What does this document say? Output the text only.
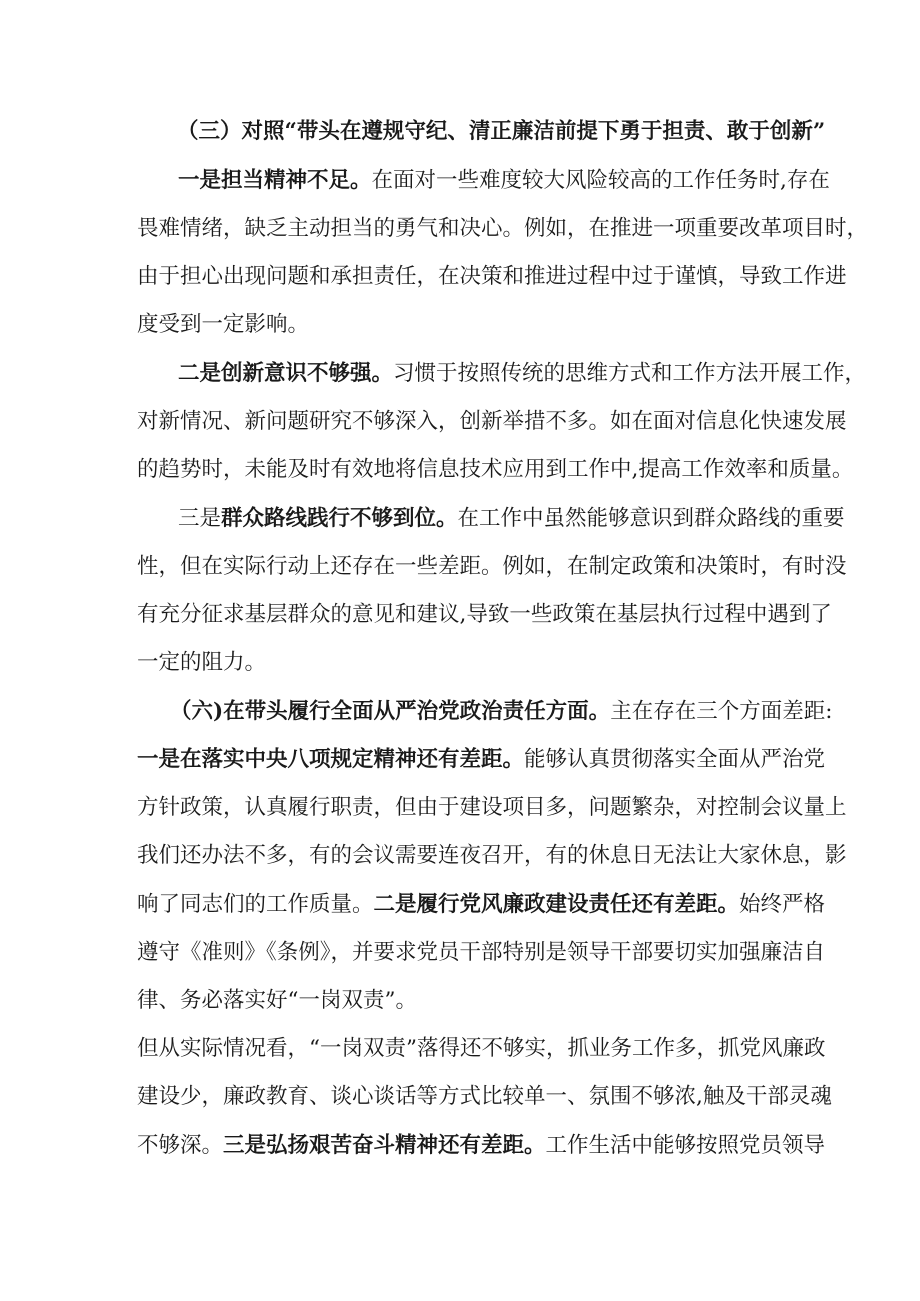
（三）对照“带头在遵规守纪、清正廉洁前提下勇于担责、敢于创新”
一是担当精神不足。在面对一些难度较大风险较高的工作任务时,存在
畏难情绪，缺乏主动担当的勇气和决心。例如，在推进一项重要改革项目时，
由于担心出现问题和承担责任，在决策和推进过程中过于谨慎，导致工作进
度受到一定影响。
二是创新意识不够强。习惯于按照传统的思维方式和工作方法开展工作，
对新情况、新问题研究不够深入，创新举措不多。如在面对信息化快速发展
的趋势时，未能及时有效地将信息技术应用到工作中,提高工作效率和质量。
三是群众路线践行不够到位。在工作中虽然能够意识到群众路线的重要
性，但在实际行动上还存在一些差距。例如，在制定政策和决策时，有时没
有充分征求基层群众的意见和建议,导致一些政策在基层执行过程中遇到了
一定的阻力。
（六)在带头履行全面从严治党政治责任方面。主在存在三个方面差距:
一是在落实中央八项规定精神还有差距。能够认真贯彻落实全面从严治党
方针政策，认真履行职责，但由于建设项目多，问题繁杂，对控制会议量上
我们还办法不多，有的会议需要连夜召开，有的休息日无法让大家休息，影
响了同志们的工作质量。二是履行党风廉政建设责任还有差距。始终严格
遵守《准则》《条例》，并要求党员干部特别是领导干部要切实加强廉洁自
律、务必落实好“一岗双责”。
但从实际情况看，“一岗双责”落得还不够实，抓业务工作多，抓党风廉政
建设少，廉政教育、谈心谈话等方式比较单一、氛围不够浓,触及干部灵魂
不够深。三是弘扬艰苦奋斗精神还有差距。工作生活中能够按照党员领导
